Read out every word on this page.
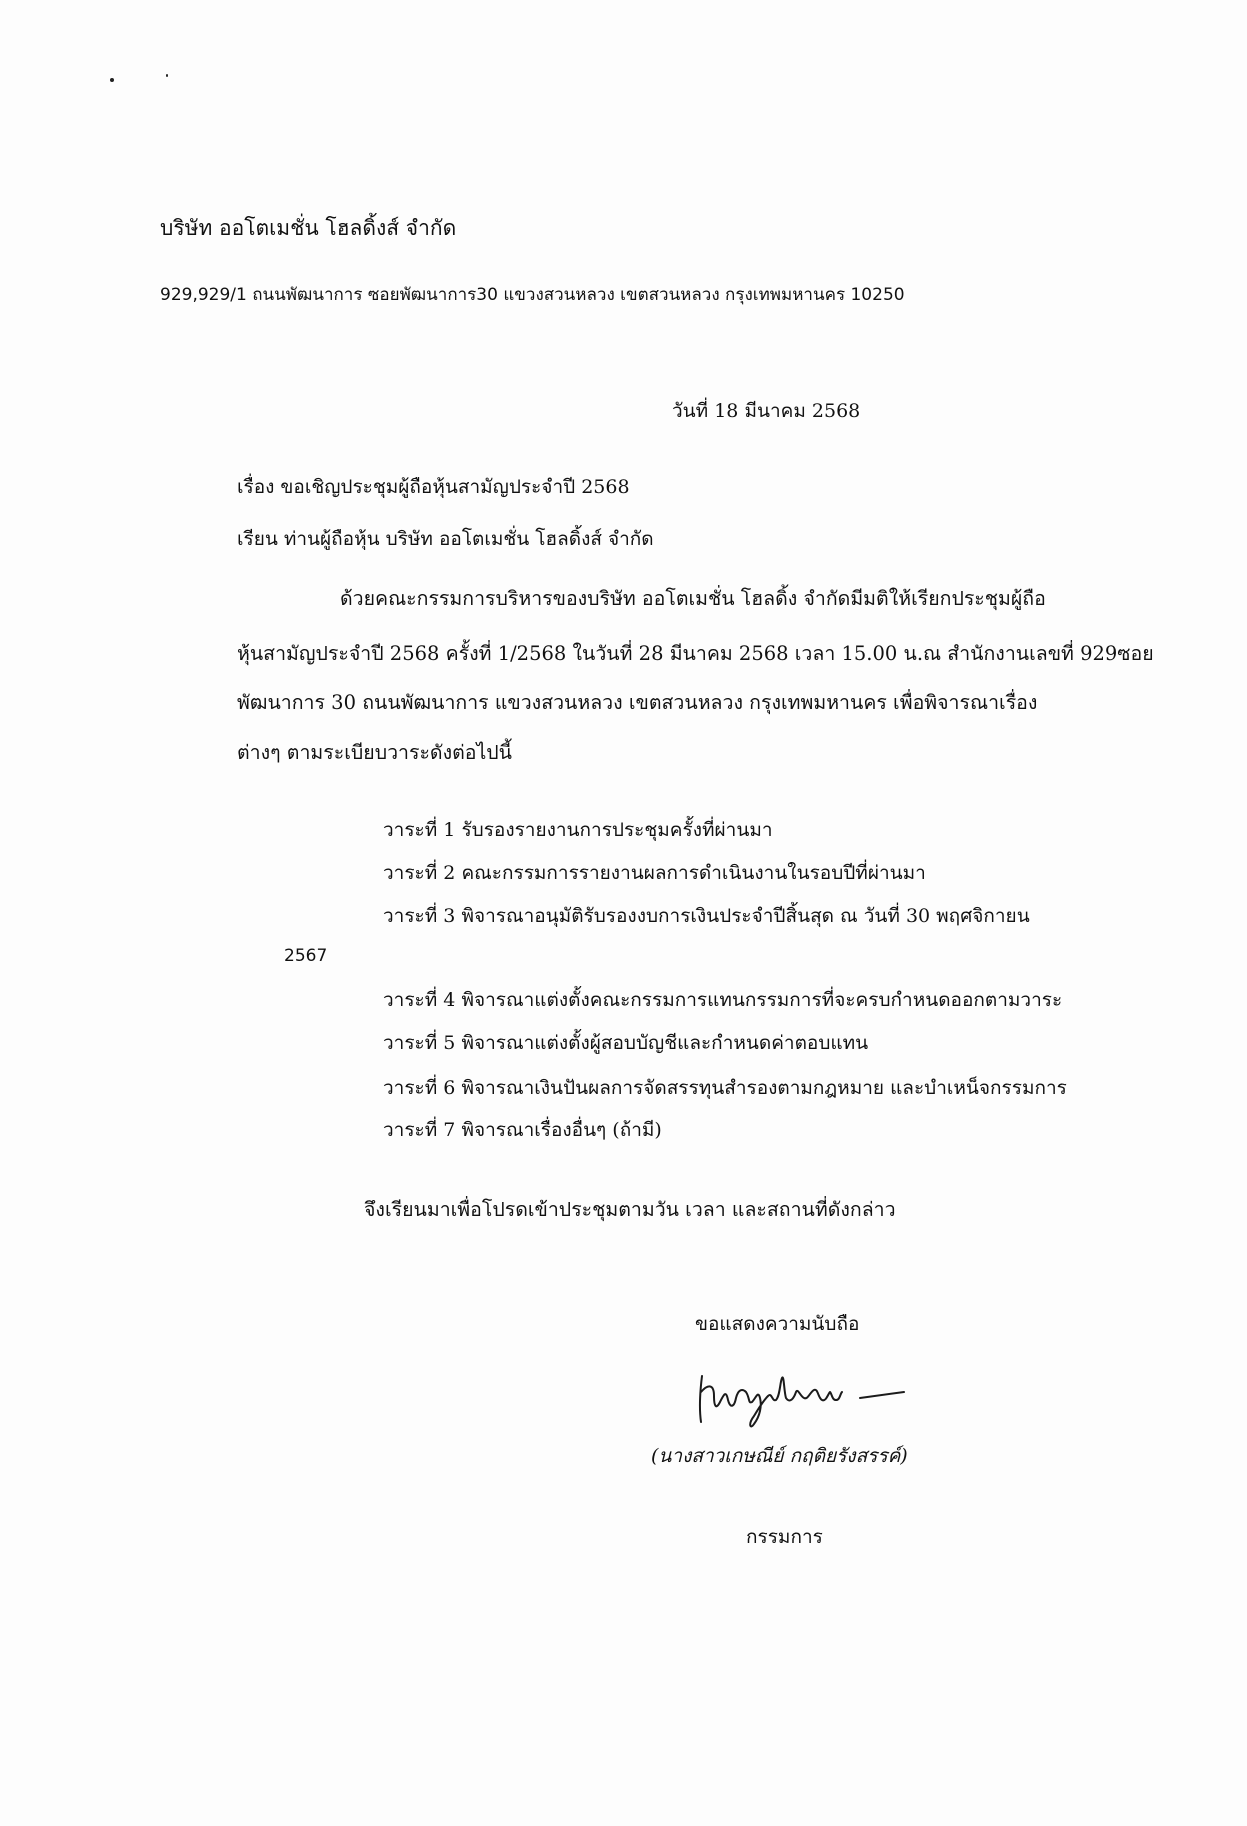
บริษัท ออโตเมชั่น โฮลดิ้งส์ จำกัด
929,929/1 ถนนพัฒนาการ ซอยพัฒนาการ30 แขวงสวนหลวง เขตสวนหลวง กรุงเทพมหานคร 10250
วันที่ 18 มีนาคม 2568
เรื่อง ขอเชิญประชุมผู้ถือหุ้นสามัญประจำปี 2568
เรียน ท่านผู้ถือหุ้น บริษัท ออโตเมชั่น โฮลดิ้งส์ จำกัด
ด้วยคณะกรรมการบริหารของบริษัท ออโตเมชั่น โฮลดิ้ง จำกัดมีมติให้เรียกประชุมผู้ถือ
หุ้นสามัญประจำปี 2568 ครั้งที่ 1/2568 ในวันที่ 28 มีนาคม 2568 เวลา 15.00 น.ณ สำนักงานเลขที่ 929ซอย
พัฒนาการ 30 ถนนพัฒนาการ แขวงสวนหลวง เขตสวนหลวง กรุงเทพมหานคร เพื่อพิจารณาเรื่อง
ต่างๆ ตามระเบียบวาระดังต่อไปนี้
วาระที่ 1 รับรองรายงานการประชุมครั้งที่ผ่านมา
วาระที่ 2 คณะกรรมการรายงานผลการดำเนินงานในรอบปีที่ผ่านมา
วาระที่ 3 พิจารณาอนุมัติรับรองงบการเงินประจำปีสิ้นสุด ณ วันที่ 30 พฤศจิกายน
2567
วาระที่ 4 พิจารณาแต่งตั้งคณะกรรมการแทนกรรมการที่จะครบกำหนดออกตามวาระ
วาระที่ 5 พิจารณาแต่งตั้งผู้สอบบัญชีและกำหนดค่าตอบแทน
วาระที่ 6 พิจารณาเงินปันผลการจัดสรรทุนสำรองตามกฎหมาย และบำเหน็จกรรมการ
วาระที่ 7 พิจารณาเรื่องอื่นๆ (ถ้ามี)
จึงเรียนมาเพื่อโปรดเข้าประชุมตามวัน เวลา และสถานที่ดังกล่าว
ขอแสดงความนับถือ
(นางสาวเกษณีย์ กฤติยรังสรรค์)
กรรมการ
